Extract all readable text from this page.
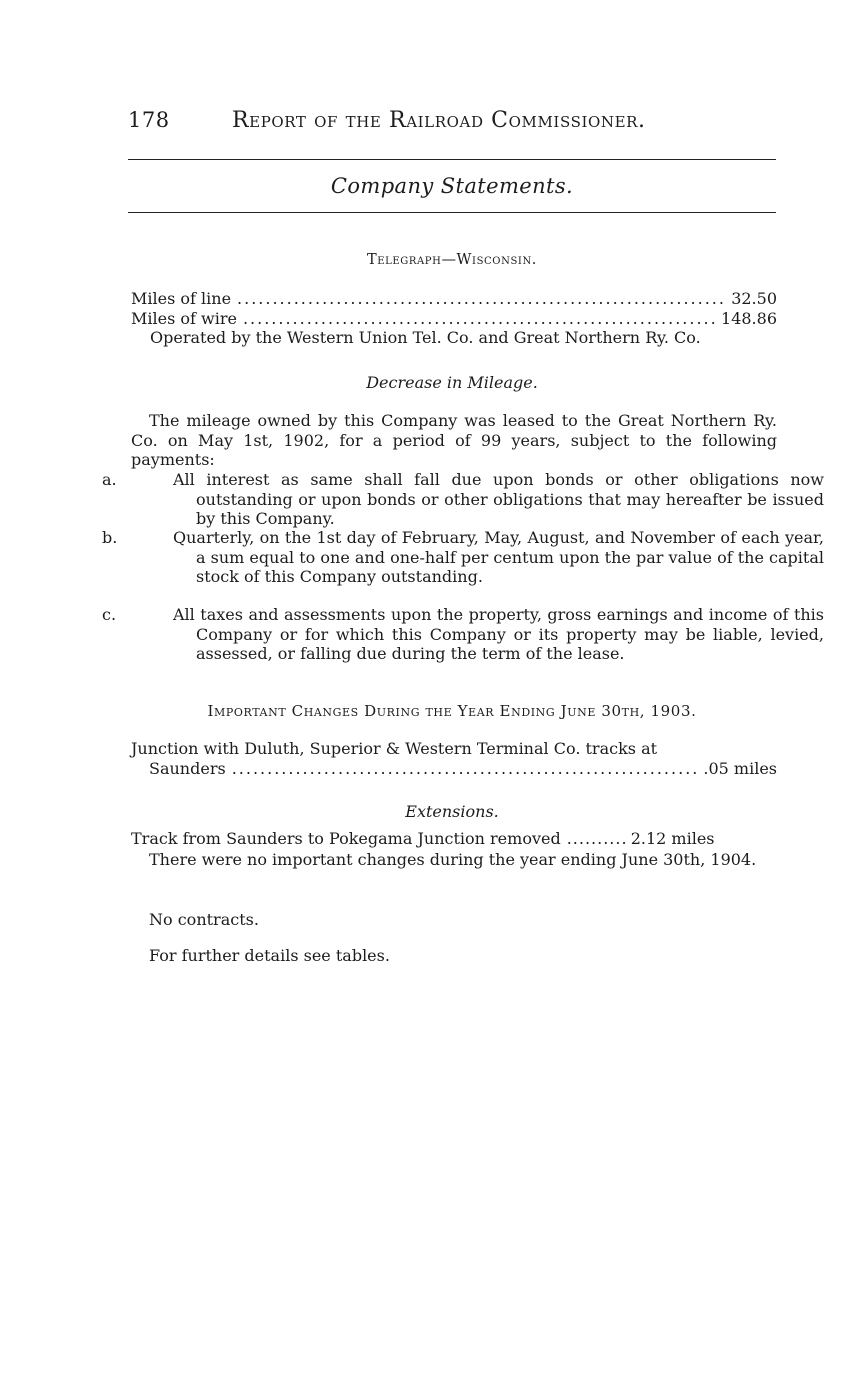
178	Report of the Railroad Commissioner.
Company Statements.
Telegraph—Wisconsin.
Miles of line .....	32.50
Miles of wire .....	148.86
Operated by the Western Union Tel. Co. and Great Northern Ry. Co.
Decrease in Mileage.
The mileage owned by this Company was leased to the Great Northern Ry. Co. on May 1st, 1902, for a period of 99 years, subject to the following payments:
a.	All interest as same shall fall due upon bonds or other obligations now outstanding or upon bonds or other obligations that may hereafter be issued by this Company.
b.	Quarterly, on the 1st day of February, May, August, and November of each year, a sum equal to one and one-half per centum upon the par value of the capital stock of this Company outstanding.
c.	All taxes and assessments upon the property, gross earnings and income of this Company or for which this Company or its property may be liable, levied, assessed, or falling due during the term of the lease.
Important Changes During the Year Ending June 30th, 1903.
Junction with Duluth, Superior & Western Terminal Co. tracks at
Saunders .....	.05 miles
Extensions.
Track from Saunders to Pokegama Junction removed .....	2.12 miles
There were no important changes during the year ending June 30th, 1904.
No contracts.
For further details see tables.
